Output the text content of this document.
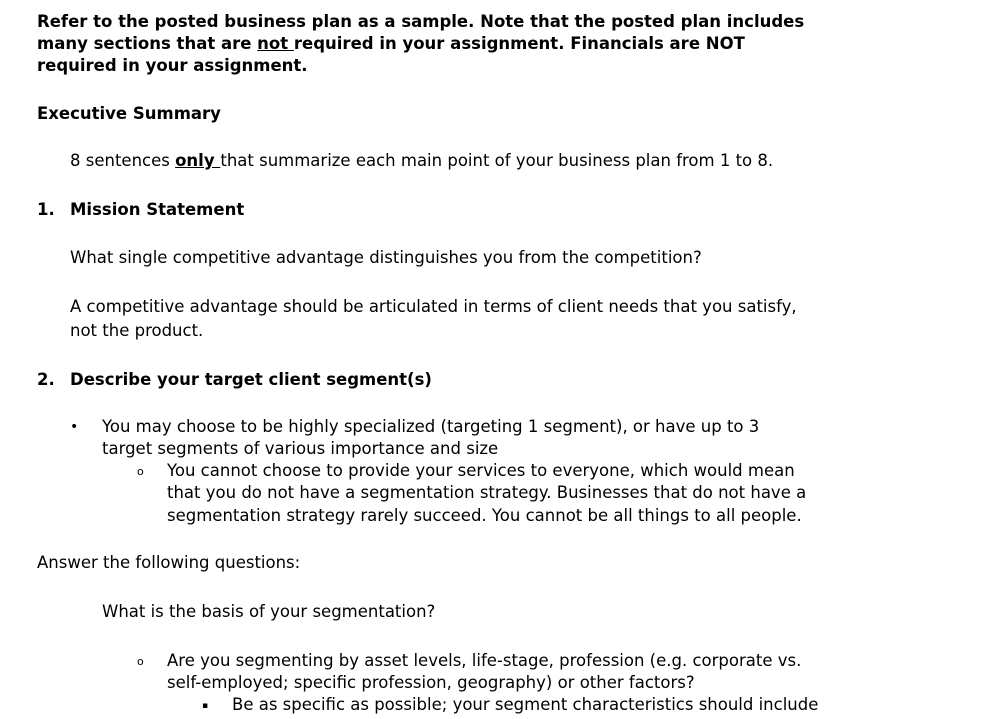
Refer to the posted business plan as a sample. Note that the posted plan includes
many sections that are not required in your assignment. Financials are NOT
required in your assignment.
Executive Summary
8 sentences only that summarize each main point of your business plan from 1 to 8.
1. Mission Statement
What single competitive advantage distinguishes you from the competition?
A competitive advantage should be articulated in terms of client needs that you satisfy,
not the product.
2. Describe your target client segment(s)
• You may choose to be highly specialized (targeting 1 segment), or have up to 3
target segments of various importance and size
o You cannot choose to provide your services to everyone, which would mean
that you do not have a segmentation strategy. Businesses that do not have a
segmentation strategy rarely succeed. You cannot be all things to all people.
Answer the following questions:
What is the basis of your segmentation?
o Are you segmenting by asset levels, life-stage, profession (e.g. corporate vs.
self-employed; specific profession, geography) or other factors?
▪ Be as specific as possible; your segment characteristics should include
